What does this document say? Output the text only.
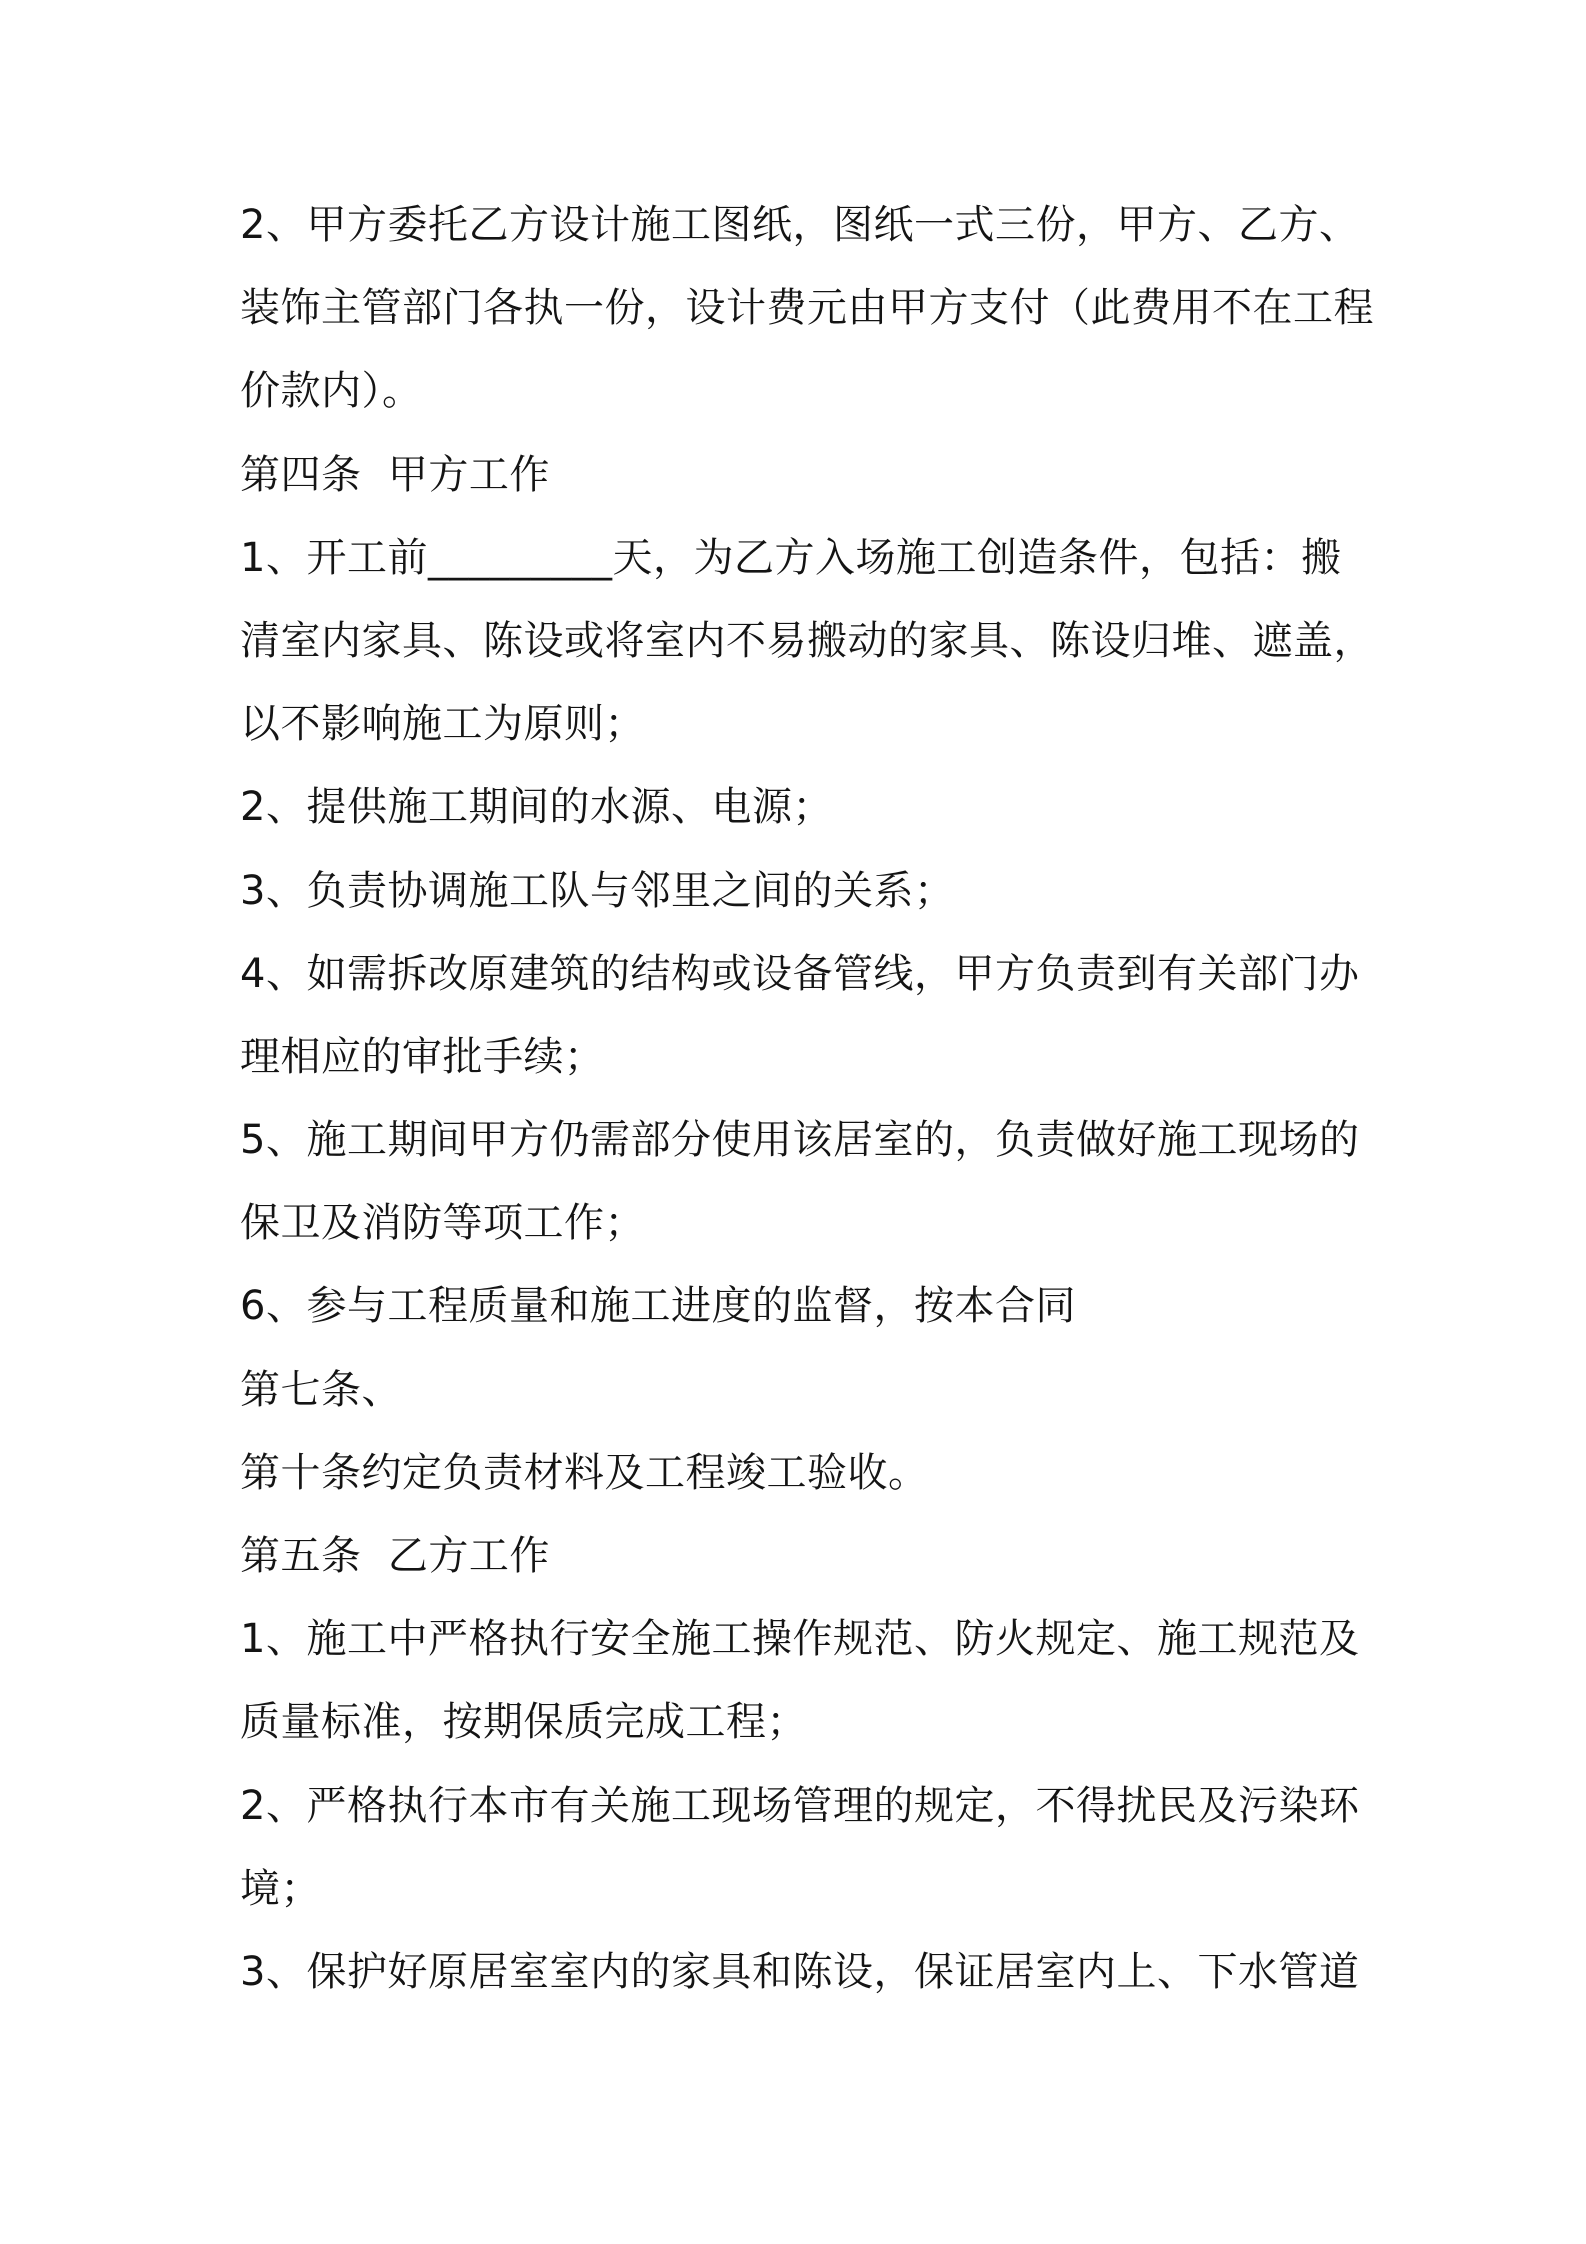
2、甲方委托乙方设计施工图纸，图纸一式三份，甲方、乙方、
装饰主管部门各执一份，设计费元由甲方支付（此费用不在工程
价款内）。
第四条  甲方工作
1、开工前_________天，为乙方入场施工创造条件，包括：搬
清室内家具、陈设或将室内不易搬动的家具、陈设归堆、遮盖，
以不影响施工为原则；
2、提供施工期间的水源、电源；
3、负责协调施工队与邻里之间的关系；
4、如需拆改原建筑的结构或设备管线，甲方负责到有关部门办
理相应的审批手续；
5、施工期间甲方仍需部分使用该居室的，负责做好施工现场的
保卫及消防等项工作；
6、参与工程质量和施工进度的监督，按本合同
第七条、
第十条约定负责材料及工程竣工验收。
第五条  乙方工作
1、施工中严格执行安全施工操作规范、防火规定、施工规范及
质量标准，按期保质完成工程；
2、严格执行本市有关施工现场管理的规定，不得扰民及污染环
境；
3、保护好原居室室内的家具和陈设，保证居室内上、下水管道
